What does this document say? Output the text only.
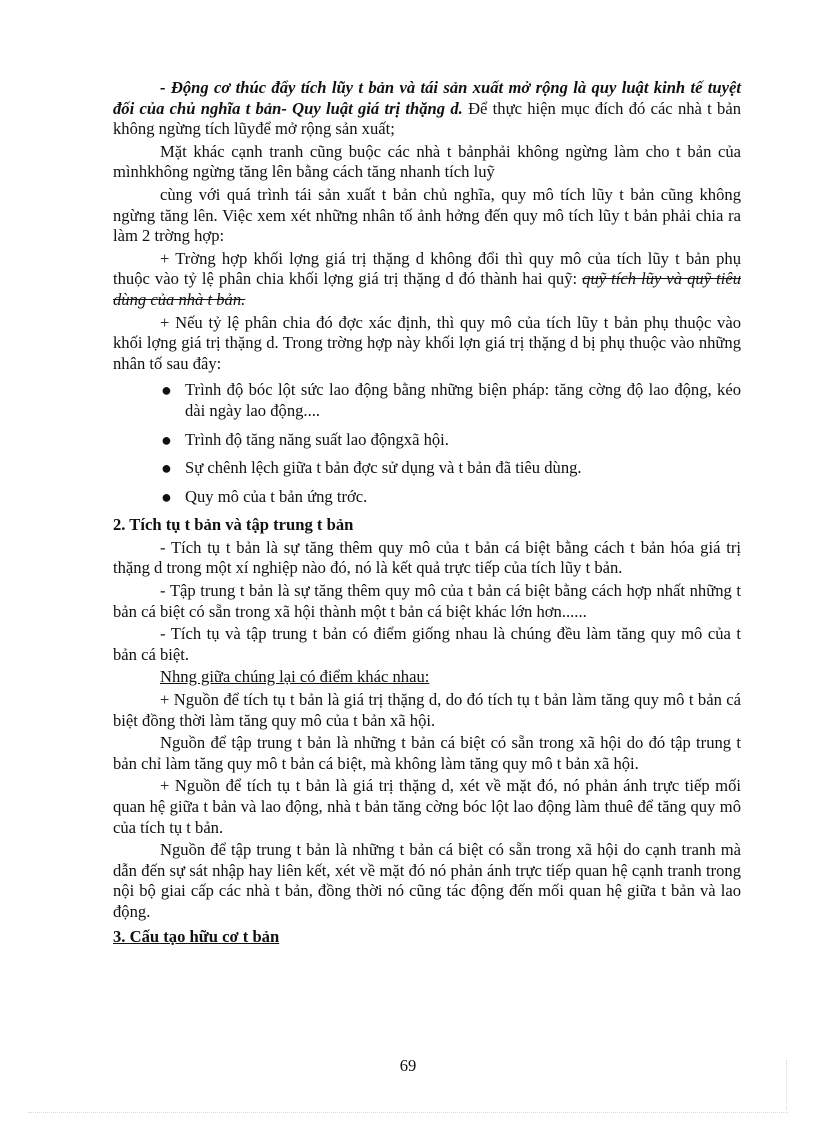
- Động cơ thúc đẩy tích lũy t bản và tái sản xuất mở rộng là quy luật kinh tế tuyệt đối của chủ nghĩa t bản- Quy luật giá trị thặng d. Để thực hiện mục đích đó các nhà t bản không ngừng tích lũyđể mở rộng sản xuất;

Mặt khác cạnh tranh cũng buộc các nhà t bảnphải không ngừng làm cho t bản của mìnhkhông ngừng tăng lên bằng cách tăng nhanh tích luỹ

cùng với quá trình tái sản xuất t bản chủ nghĩa, quy mô tích lũy t bản cũng không ngừng tăng lên. Việc xem xét những nhân tố ảnh hởng đến quy mô tích lũy t bản phải chia ra làm 2 trờng hợp:

+ Trờng hợp khối lợng giá trị thặng d không đổi thì quy mô của tích lũy t bản phụ thuộc vào tỷ lệ phân chia khối lợng giá trị thặng d đó thành hai quỹ: quỹ tích lũy và quỹ tiêu dùng của nhà t bản.

+ Nếu tỷ lệ phân chia đó đợc xác định, thì quy mô của tích lũy t bản phụ thuộc vào khối lợng giá trị thặng d. Trong trờng hợp này khối lợn giá trị thặng d bị phụ thuộc vào những nhân tố sau đây:

● Trình độ bóc lột sức lao động bằng những biện pháp: tăng cờng độ lao động, kéo dài ngày lao động....
● Trình độ tăng năng suất lao độngxã hội.
● Sự chênh lệch giữa t bản đợc sử dụng và t bản đã tiêu dùng.
● Quy mô của t bản ứng trớc.

2. Tích tụ t bản và tập trung t bản

- Tích tụ t bản là sự tăng thêm quy mô của t bản cá biệt bằng cách t bản hóa giá trị thặng d trong một xí nghiệp nào đó, nó là kết quả trực tiếp của tích lũy t bản.

- Tập trung t bản là sự tăng thêm quy mô của t bản cá biệt bằng cách hợp nhất những t bản cá biệt có sẵn trong xã hội thành một t bản cá biệt khác lớn hơn......

- Tích tụ và tập trung t bản có điểm giống nhau là chúng đều làm tăng quy mô của t bản cá biệt.

Nhng giữa chúng lại có điểm khác nhau:

+ Nguồn để tích tụ t bản là giá trị thặng d, do đó tích tụ t bản làm tăng quy mô t bản cá biệt đồng thời làm tăng quy mô của t bản xã hội.

Nguồn để tập trung t bản là những t bản cá biệt có sẵn trong xã hội do đó tập trung t bản chỉ làm tăng quy mô t bản cá biệt, mà không làm tăng quy mô t bản xã hội.

+ Nguồn để tích tụ t bản là giá trị thặng d, xét về mặt đó, nó phản ánh trực tiếp mối quan hệ giữa t bản và lao động, nhà t bản tăng cờng bóc lột lao động làm thuê để tăng quy mô của tích tụ t bản.

Nguồn để tập trung t bản là những t bản cá biệt có sẵn trong xã hội do cạnh tranh mà dẫn đến sự sát nhập hay liên kết, xét về mặt đó nó phản ánh trực tiếp quan hệ cạnh tranh trong nội bộ giai cấp các nhà t bản, đồng thời nó cũng tác động đến mối quan hệ giữa t bản và lao động.

3. Cấu tạo hữu cơ t bản

69
